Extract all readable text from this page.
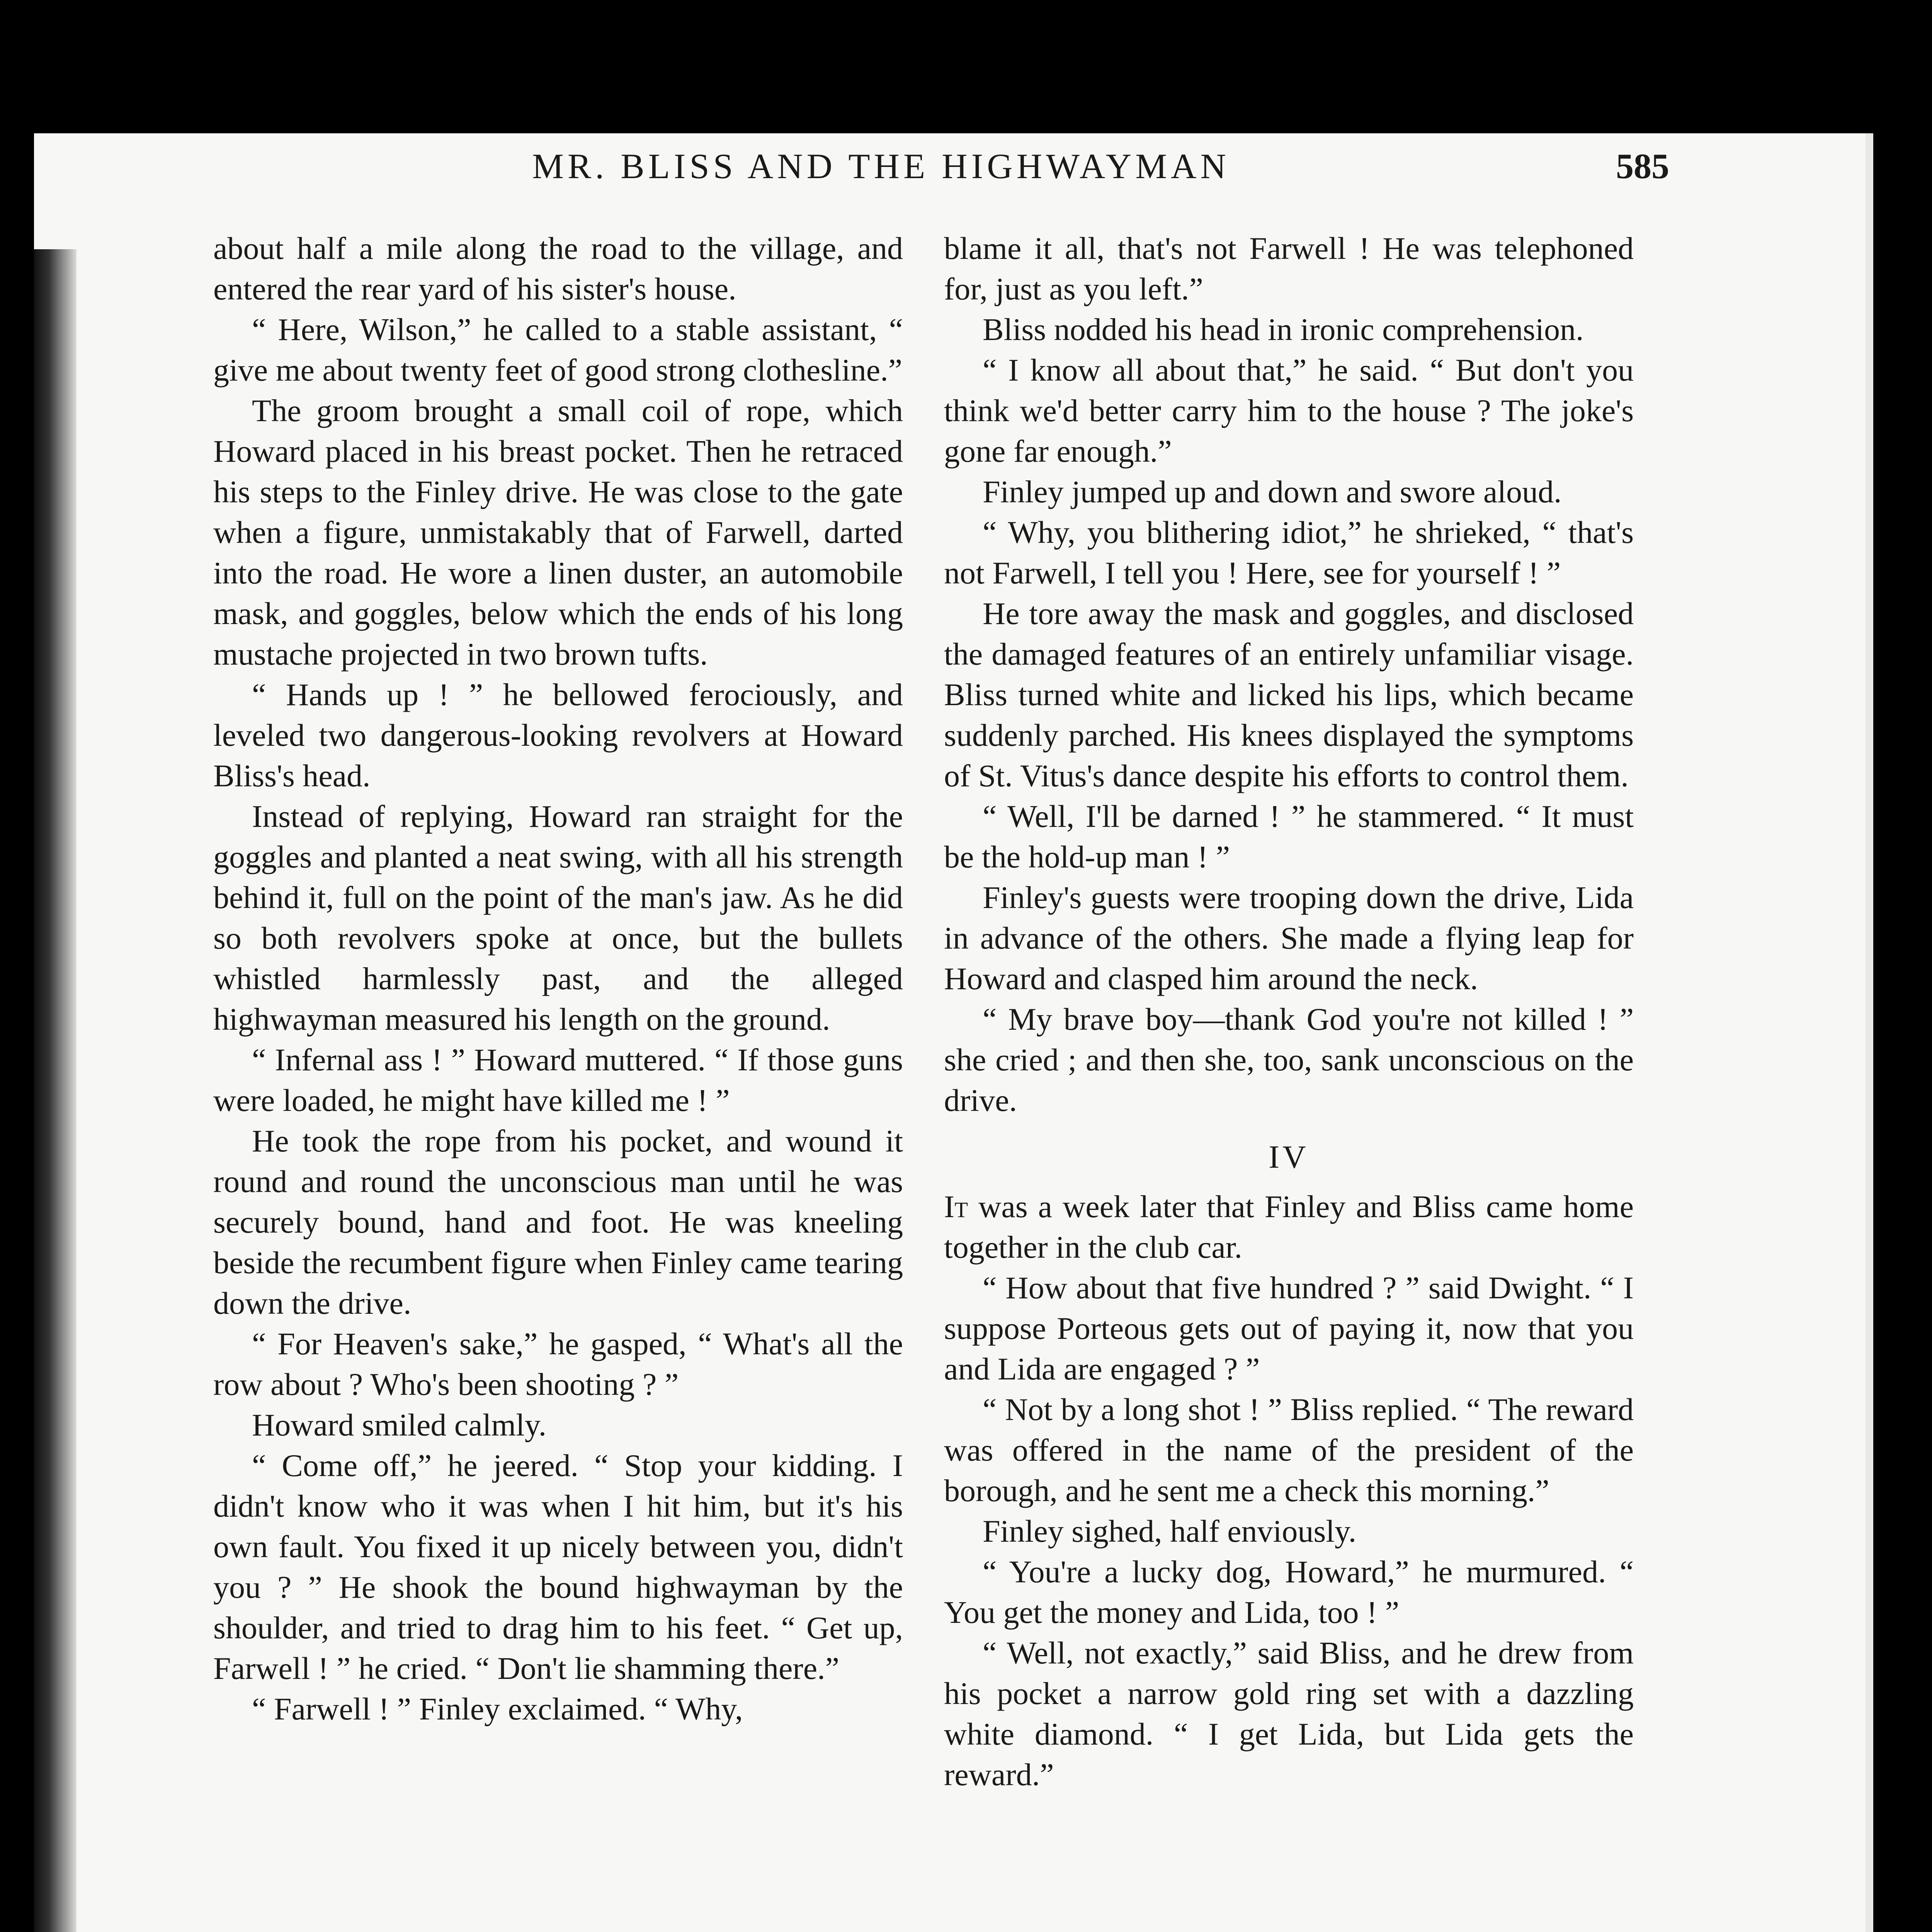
MR. BLISS AND THE HIGHWAYMAN	585

about half a mile along the road to the village, and entered the rear yard of his sister's house.

“ Here, Wilson,” he called to a stable assistant, “ give me about twenty feet of good strong clothesline.”

The groom brought a small coil of rope, which Howard placed in his breast pocket. Then he retraced his steps to the Finley drive. He was close to the gate when a figure, unmistakably that of Farwell, darted into the road. He wore a linen duster, an automobile mask, and goggles, below which the ends of his long mustache projected in two brown tufts.

“ Hands up ! ” he bellowed ferociously, and leveled two dangerous-looking revolvers at Howard Bliss's head.

Instead of replying, Howard ran straight for the goggles and planted a neat swing, with all his strength behind it, full on the point of the man's jaw. As he did so both revolvers spoke at once, but the bullets whistled harmlessly past, and the alleged highwayman measured his length on the ground.

“ Infernal ass ! ” Howard muttered. “ If those guns were loaded, he might have killed me ! ”

He took the rope from his pocket, and wound it round and round the unconscious man until he was securely bound, hand and foot. He was kneeling beside the recumbent figure when Finley came tearing down the drive.

“ For Heaven's sake,” he gasped, “ What's all the row about ? Who's been shooting ? ”

Howard smiled calmly.

“ Come off,” he jeered. “ Stop your kidding. I didn't know who it was when I hit him, but it's his own fault. You fixed it up nicely between you, didn't you ? ” He shook the bound highwayman by the shoulder, and tried to drag him to his feet. “ Get up, Farwell ! ” he cried. “ Don't lie shamming there.”

“ Farwell ! ” Finley exclaimed. “ Why,

blame it all, that's not Farwell ! He was telephoned for, just as you left.”

Bliss nodded his head in ironic comprehension.

“ I know all about that,” he said. “ But don't you think we'd better carry him to the house ? The joke's gone far enough.”

Finley jumped up and down and swore aloud.

“ Why, you blithering idiot,” he shrieked, “ that's not Farwell, I tell you ! Here, see for yourself ! ”

He tore away the mask and goggles, and disclosed the damaged features of an entirely unfamiliar visage. Bliss turned white and licked his lips, which became suddenly parched. His knees displayed the symptoms of St. Vitus's dance despite his efforts to control them.

“ Well, I'll be darned ! ” he stammered. “ It must be the hold-up man ! ”

Finley's guests were trooping down the drive, Lida in advance of the others. She made a flying leap for Howard and clasped him around the neck.

“ My brave boy—thank God you're not killed ! ” she cried ; and then she, too, sank unconscious on the drive.

IV

It was a week later that Finley and Bliss came home together in the club car.

“ How about that five hundred ? ” said Dwight. “ I suppose Porteous gets out of paying it, now that you and Lida are engaged ? ”

“ Not by a long shot ! ” Bliss replied. “ The reward was offered in the name of the president of the borough, and he sent me a check this morning.”

Finley sighed, half enviously.

“ You're a lucky dog, Howard,” he murmured. “ You get the money and Lida, too ! ”

“ Well, not exactly,” said Bliss, and he drew from his pocket a narrow gold ring set with a dazzling white diamond. “ I get Lida, but Lida gets the reward.”
